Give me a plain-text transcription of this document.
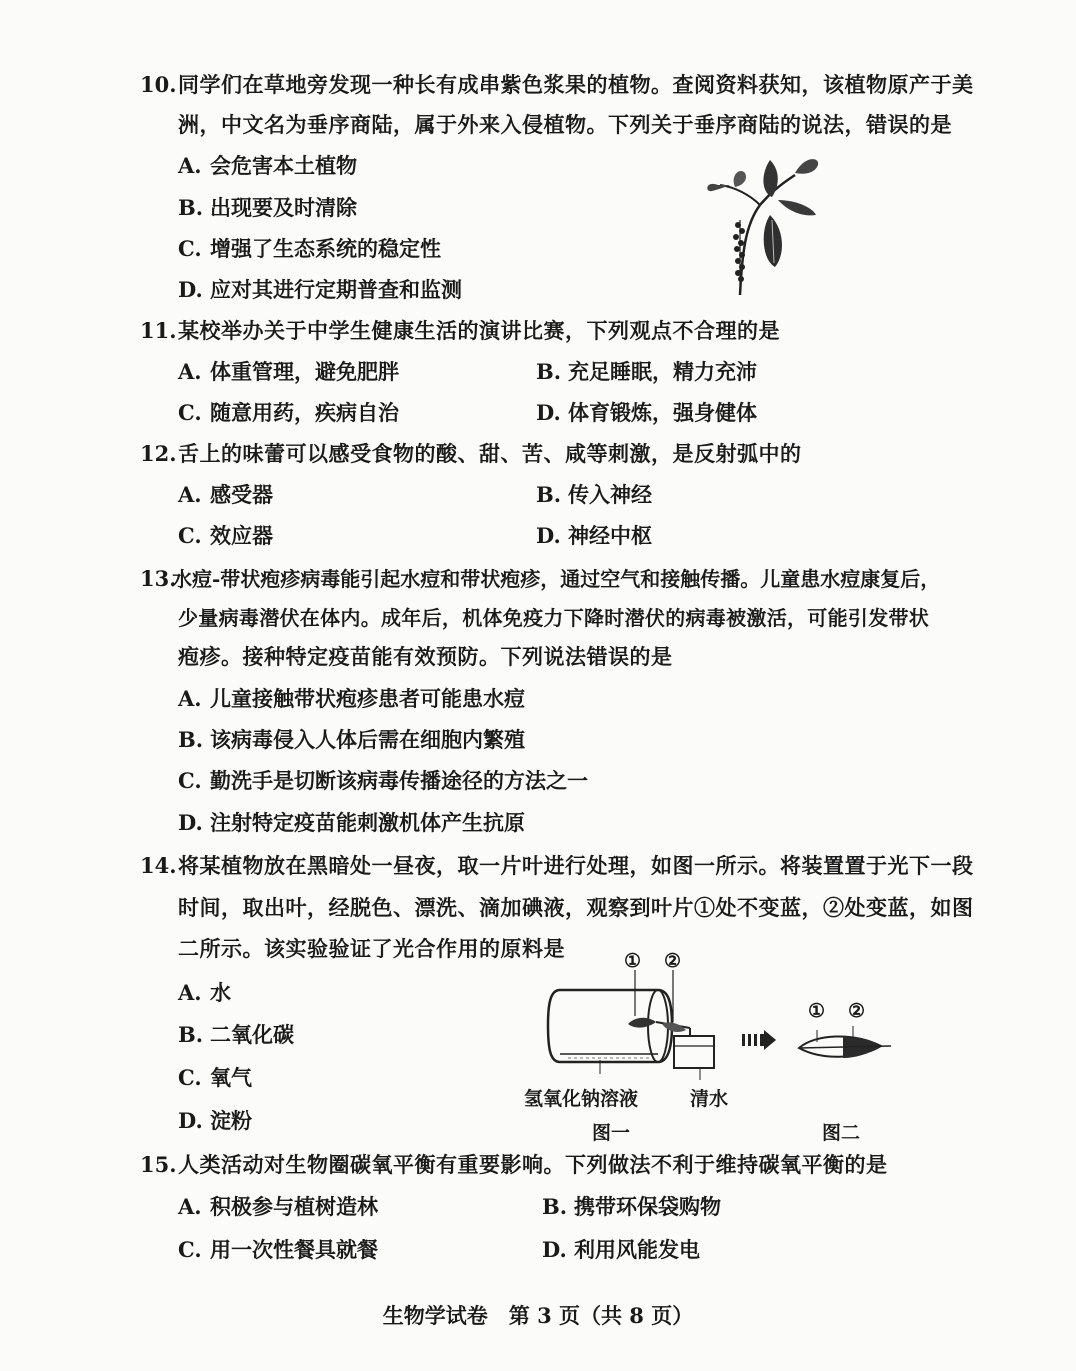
10. 同学们在草地旁发现一种长有成串紫色浆果的植物。查阅资料获知，该植物原产于美
洲，中文名为垂序商陆，属于外来入侵植物。下列关于垂序商陆的说法，错误的是
A. 会危害本土植物
B. 出现要及时清除
C. 增强了生态系统的稳定性
D. 应对其进行定期普查和监测
11. 某校举办关于中学生健康生活的演讲比赛，下列观点不合理的是
A. 体重管理，避免肥胖	B. 充足睡眠，精力充沛
C. 随意用药，疾病自治	D. 体育锻炼，强身健体
12. 舌上的味蕾可以感受食物的酸、甜、苦、咸等刺激，是反射弧中的
A. 感受器	B. 传入神经
C. 效应器	D. 神经中枢
13.
水痘-带状疱疹病毒能引起水痘和带状疱疹，通过空气和接触传播。儿童患水痘康复后，
少量病毒潜伏在体内。成年后，机体免疫力下降时潜伏的病毒被激活，可能引发带状
疱疹。接种特定疫苗能有效预防。下列说法错误的是
A. 儿童接触带状疱疹患者可能患水痘
B. 该病毒侵入人体后需在细胞内繁殖
C. 勤洗手是切断该病毒传播途径的方法之一
D. 注射特定疫苗能刺激机体产生抗原
14. 将某植物放在黑暗处一昼夜，取一片叶进行处理，如图一所示。将装置置于光下一段
时间，取出叶，经脱色、漂洗、滴加碘液，观察到叶片①处不变蓝，②处变蓝，如图
二所示。该实验验证了光合作用的原料是
A. 水
B. 二氧化碳
C. 氧气
D. 淀粉
① ②
氢氧化钠溶液	清水
图一
① ②
图二
15. 人类活动对生物圈碳氧平衡有重要影响。下列做法不利于维持碳氧平衡的是
A. 积极参与植树造林	B. 携带环保袋购物
C. 用一次性餐具就餐	D. 利用风能发电
生物学试卷　第 3 页（共 8 页）
